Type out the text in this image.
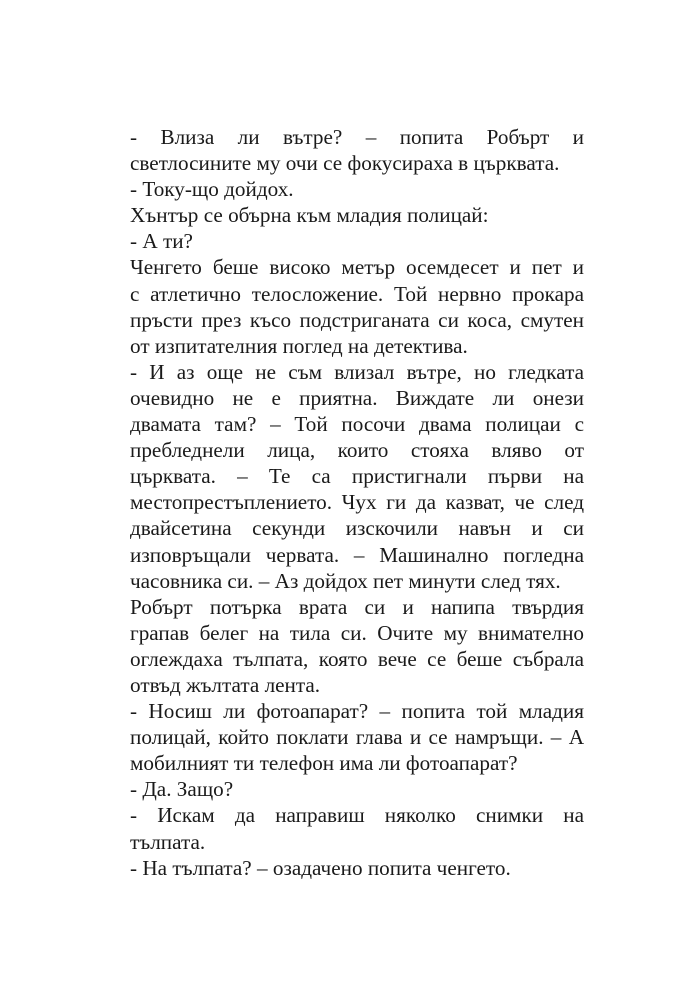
- Влиза ли вътре? – попита Робърт и
светлосините му очи се фокусираха в църквата.
- Току-що дойдох.
Хънтър се обърна към младия полицай:
- А ти?
Ченгето беше високо метър осемдесет и пет и
с атлетично телосложение. Той нервно прокара
пръсти през късо подстриганата си коса, смутен
от изпитателния поглед на детектива.
- И аз още не съм влизал вътре, но гледката
очевидно не е приятна. Виждате ли онези
двамата там? – Той посочи двама полицаи с
пребледнели лица, които стояха вляво от
църквата. – Те са пристигнали първи на
местопрестъплението. Чух ги да казват, че след
двайсетина секунди изскочили навън и си
изповръщали червата. – Машинално погледна
часовника си. – Аз дойдох пет минути след тях.
Робърт потърка врата си и напипа твърдия
грапав белег на тила си. Очите му внимателно
оглеждаха тълпата, която вече се беше събрала
отвъд жълтата лента.
- Носиш ли фотоапарат? – попита той младия
полицай, който поклати глава и се намръщи. – А
мобилният ти телефон има ли фотоапарат?
- Да. Защо?
- Искам да направиш няколко снимки на
тълпата.
- На тълпата? – озадачено попита ченгето.
